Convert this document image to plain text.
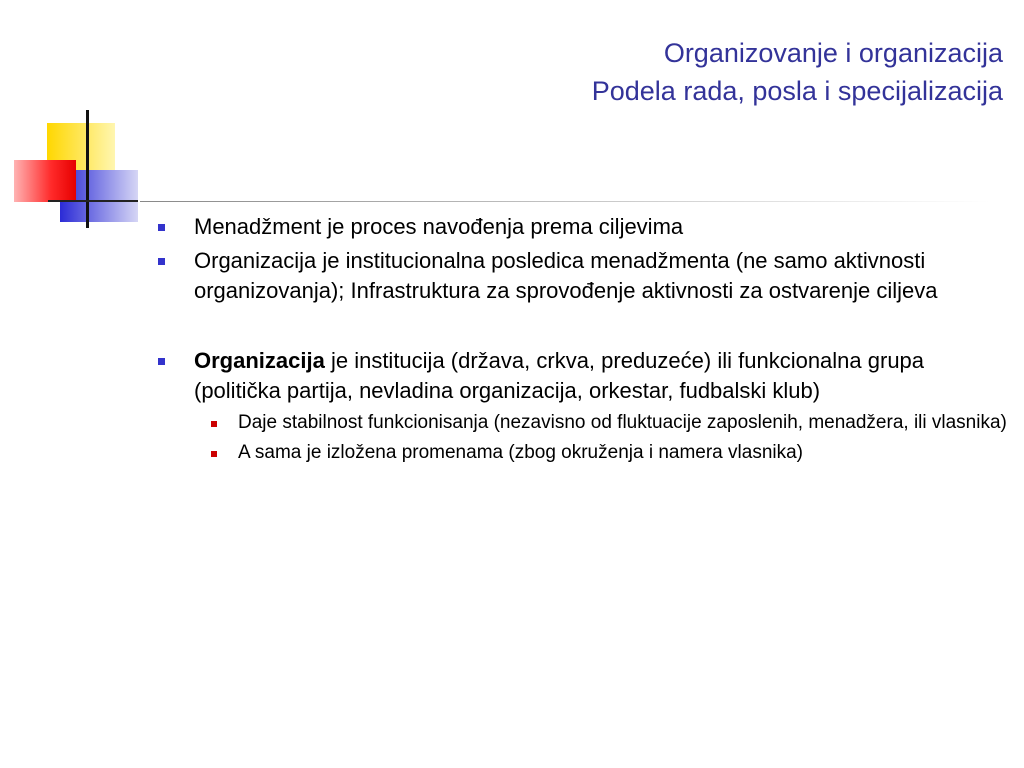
Organizovanje i organizacija
Podela rada, posla i specijalizacija
Menadžment je proces navođenja prema ciljevima
Organizacija je institucionalna posledica menadžmenta (ne samo aktivnosti organizovanja); Infrastruktura za sprovođenje aktivnosti za ostvarenje ciljeva
Organizacija je institucija (država, crkva, preduzeće) ili funkcionalna grupa (politička partija, nevladina organizacija, orkestar, fudbalski klub)
Daje stabilnost funkcionisanja (nezavisno od fluktuacije zaposlenih, menadžera, ili vlasnika)
A sama je izložena promenama (zbog okruženja i namera vlasnika)
